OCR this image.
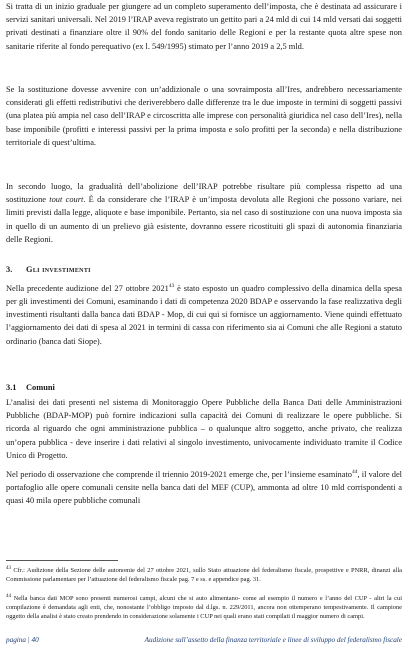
Si tratta di un inizio graduale per giungere ad un completo superamento dell’imposta, che è destinata ad assicurare i servizi sanitari universali. Nel 2019 l’IRAP aveva registrato un gettito pari a 24 mld di cui 14 mld versati dai soggetti privati destinati a finanziare oltre il 90% del fondo sanitario delle Regioni e per la restante quota altre spese non sanitarie riferite al fondo perequativo (ex l. 549/1995) stimato per l’anno 2019 a 2,5 mld.

Se la sostituzione dovesse avvenire con un’addizionale o una sovraimposta all’Ires, andrebbero necessariamente considerati gli effetti redistributivi che deriverebbero dalle differenze tra le due imposte in termini di soggetti passivi (una platea più ampia nel caso dell’IRAP e circoscritta alle imprese con personalità giuridica nel caso dell’Ires), nella base imponibile (profitti e interessi passivi per la prima imposta e solo profitti per la seconda) e nella distribuzione territoriale di quest’ultima.

In secondo luogo, la gradualità dell’abolizione dell’IRAP potrebbe risultare più complessa rispetto ad una sostituzione tout court. È da considerare che l’IRAP è un’imposta devoluta alle Regioni che possono variare, nei limiti previsti dalla legge, aliquote e base imponibile. Pertanto, sia nel caso di sostituzione con una nuova imposta sia in quello di un aumento di un prelievo già esistente, dovranno essere ricostituiti gli spazi di autonomia finanziaria delle Regioni.

3. Gli investimenti

Nella precedente audizione del 27 ottobre 2021$^{43}$ è stato esposto un quadro complessivo della dinamica della spesa per gli investimenti dei Comuni, esaminando i dati di competenza 2020 BDAP e osservando la fase realizzativa degli investimenti risultanti dalla banca dati BDAP - Mop, di cui qui si fornisce un aggiornamento. Viene quindi effettuato l’aggiornamento dei dati di spesa al 2021 in termini di cassa con riferimento sia ai Comuni che alle Regioni a statuto ordinario (banca dati Siope).

3.1 Comuni

L’analisi dei dati presenti nel sistema di Monitoraggio Opere Pubbliche della Banca Dati delle Amministrazioni Pubbliche (BDAP-MOP) può fornire indicazioni sulla capacità dei Comuni di realizzare le opere pubbliche. Si ricorda al riguardo che ogni amministrazione pubblica – o qualunque altro soggetto, anche privato, che realizza un’opera pubblica - deve inserire i dati relativi al singolo investimento, univocamente individuato tramite il Codice Unico di Progetto.

Nel periodo di osservazione che comprende il triennio 2019-2021 emerge che, per l’insieme esaminato$^{44}$, il valore del portafoglio alle opere comunali censite nella banca dati del MEF (CUP), ammonta ad oltre 10 mld corrispondenti a quasi 40 mila opere pubbliche comunali

$^{43}$ Cfr.: Audizione della Sezione delle autonomie del 27 ottobre 2021, sullo Stato attuazione del federalismo fiscale, prospettive e PNRR, dinanzi alla Commissione parlamentare per l’attuazione del federalismo fiscale pag. 7 e ss. e appendice pag. 31.
$^{44}$ Nella banca dati MOP sono presenti numerosi campi, alcuni che si auto alimentano- come ad esempio il numero e l’anno del CUP - altri la cui compilazione è demandata agli enti, che, nonostante l’obbligo imposto dal d.lgs. n. 229/2011, ancora non ottemperano tempestivamente. Il campione oggetto della analisi è stato creato prendendo in considerazione solamente i CUP nei quali erano stati compilati il maggior numero di campi.
pagina | 40	Audizione sull’assetto della finanza territoriale e linee di sviluppo del federalismo fiscale
